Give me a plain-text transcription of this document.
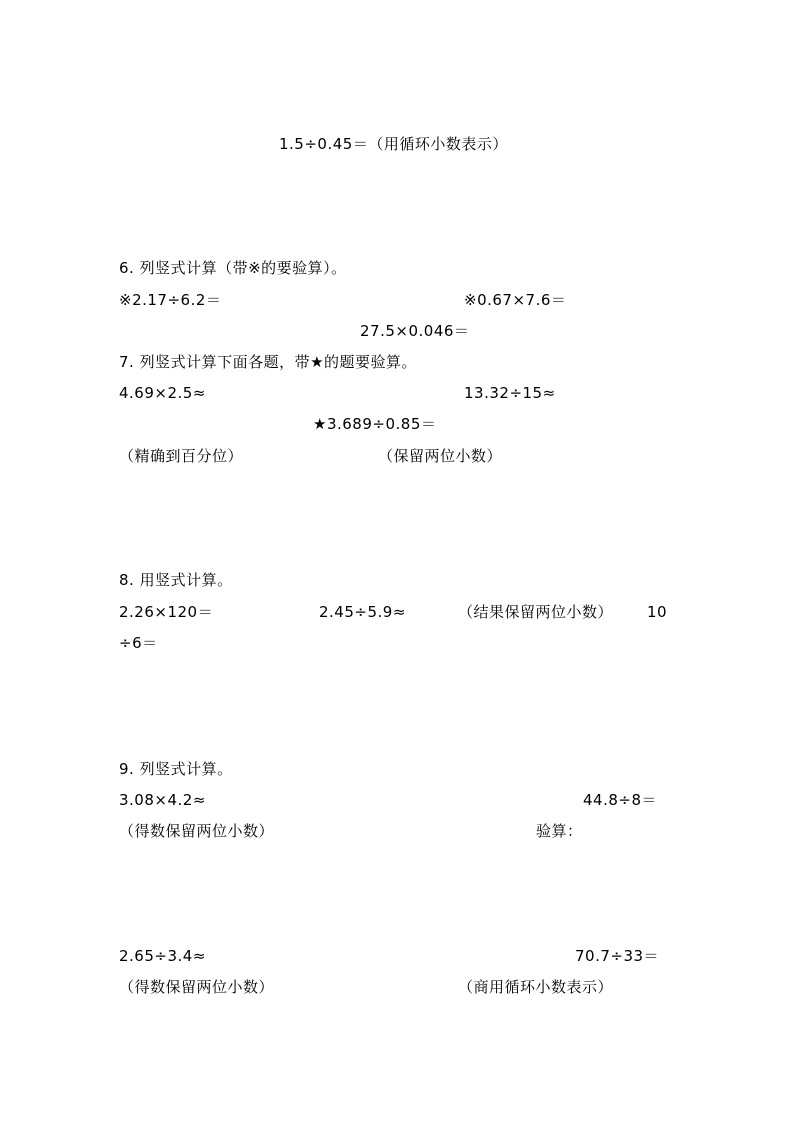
1.5÷0.45＝（用循环小数表示）
6. 列竖式计算（带※的要验算）。
※2.17÷6.2＝	※0.67×7.6＝
27.5×0.046＝
7. 列竖式计算下面各题，带★的题要验算。
4.69×2.5≈	13.32÷15≈
★3.689÷0.85＝
（精确到百分位）	（保留两位小数）
8. 用竖式计算。
2.26×120＝	2.45÷5.9≈	（结果保留两位小数） 10
÷6＝
9. 列竖式计算。
3.08×4.2≈	44.8÷8＝
（得数保留两位小数）	验算：
2.65÷3.4≈	70.7÷33＝
（得数保留两位小数）	（商用循环小数表示）
